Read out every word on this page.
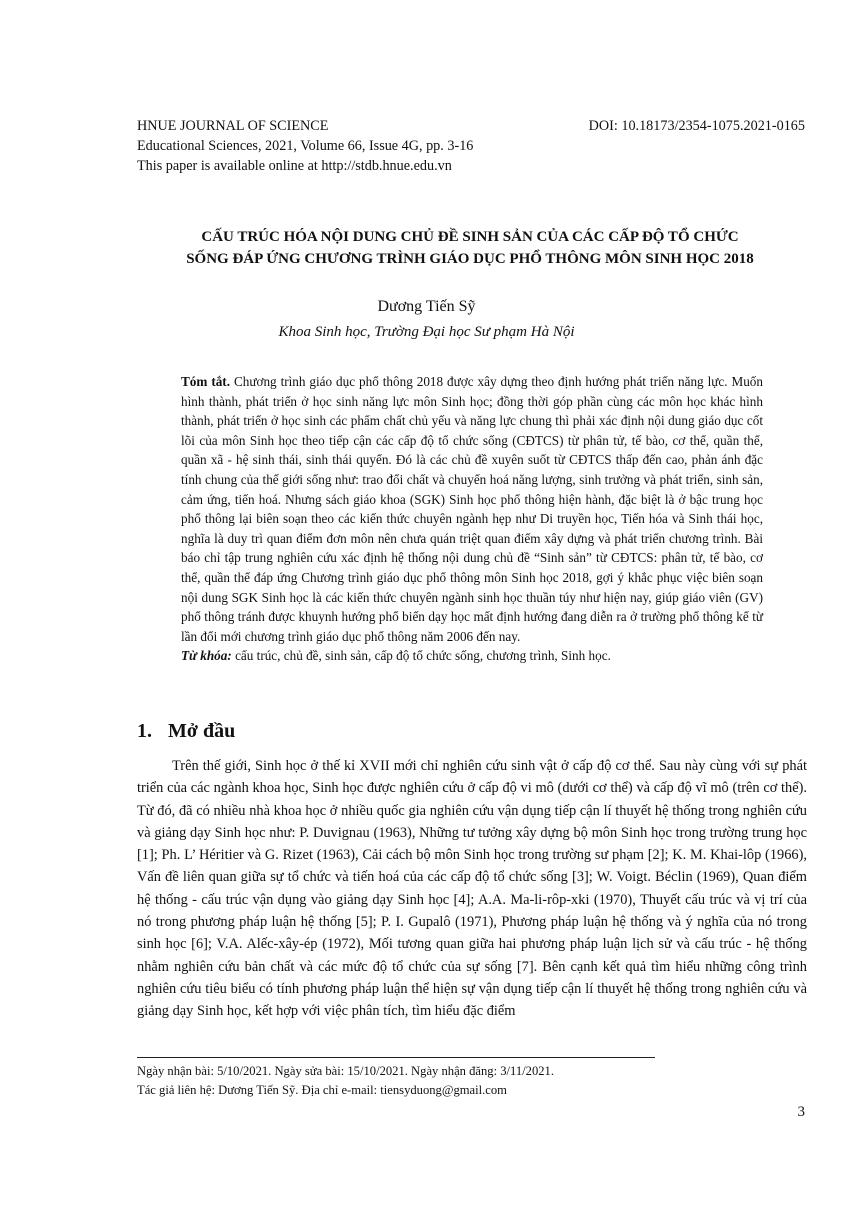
HNUE JOURNAL OF SCIENCE	DOI: 10.18173/2354-1075.2021-0165
Educational Sciences, 2021, Volume 66, Issue 4G, pp. 3-16
This paper is available online at http://stdb.hnue.edu.vn
CẤU TRÚC HÓA NỘI DUNG CHỦ ĐỀ SINH SẢN CỦA CÁC CẤP ĐỘ TỔ CHỨC
SỐNG ĐÁP ỨNG CHƯƠNG TRÌNH GIÁO DỤC PHỔ THÔNG MÔN SINH HỌC 2018
Dương Tiến Sỹ
Khoa Sinh học, Trường Đại học Sư phạm Hà Nội

Tóm tắt. Chương trình giáo dục phổ thông 2018 được xây dựng theo định hướng phát triển năng lực. Muốn hình thành, phát triển ở học sinh năng lực môn Sinh học; đồng thời góp phần cùng các môn học khác hình thành, phát triển ở học sinh các phẩm chất chủ yếu và năng lực chung thì phải xác định nội dung giáo dục cốt lõi của môn Sinh học theo tiếp cận các cấp độ tổ chức sống (CĐTCS) từ phân tử, tế bào, cơ thể, quần thể, quần xã - hệ sinh thái, sinh thái quyển. Đó là các chủ đề xuyên suốt từ CĐTCS thấp đến cao, phản ánh đặc tính chung của thế giới sống như: trao đổi chất và chuyển hoá năng lượng, sinh trưởng và phát triển, sinh sản, cảm ứng, tiến hoá. Nhưng sách giáo khoa (SGK) Sinh học phổ thông hiện hành, đặc biệt là ở bậc trung học phổ thông lại biên soạn theo các kiến thức chuyên ngành hẹp như Di truyền học, Tiến hóa và Sinh thái học, nghĩa là duy trì quan điểm đơn môn nên chưa quán triệt quan điểm xây dựng và phát triển chương trình. Bài báo chỉ tập trung nghiên cứu xác định hệ thống nội dung chủ đề “Sinh sản” từ CĐTCS: phân tử, tế bào, cơ thể, quần thể đáp ứng Chương trình giáo dục phổ thông môn Sinh học 2018, gợi ý khắc phục việc biên soạn nội dung SGK Sinh học là các kiến thức chuyên ngành sinh học thuần túy như hiện nay, giúp giáo viên (GV) phổ thông tránh được khuynh hướng phổ biến dạy học mất định hướng đang diễn ra ở trường phổ thông kể từ lần đổi mới chương trình giáo dục phổ thông năm 2006 đến nay.

Từ khóa: cấu trúc, chủ đề, sinh sản, cấp độ tổ chức sống, chương trình, Sinh học.

1. Mở đầu

Trên thế giới, Sinh học ở thế kỉ XVII mới chỉ nghiên cứu sinh vật ở cấp độ cơ thể. Sau này cùng với sự phát triển của các ngành khoa học, Sinh học được nghiên cứu ở cấp độ vi mô (dưới cơ thể) và cấp độ vĩ mô (trên cơ thể). Từ đó, đã có nhiều nhà khoa học ở nhiều quốc gia nghiên cứu vận dụng tiếp cận lí thuyết hệ thống trong nghiên cứu và giảng dạy Sinh học như: P. Duvignau (1963), Những tư tưởng xây dựng bộ môn Sinh học trong trường trung học [1]; Ph. L’ Héritier và G. Rizet (1963), Cải cách bộ môn Sinh học trong trường sư phạm [2]; K. M. Khai-lôp (1966), Vấn đề liên quan giữa sự tổ chức và tiến hoá của các cấp độ tổ chức sống [3]; W. Voigt. Béclin (1969), Quan điểm hệ thống - cấu trúc vận dụng vào giảng dạy Sinh học [4]; A.A. Ma-li-rôp-xki (1970), Thuyết cấu trúc và vị trí của nó trong phương pháp luận hệ thống [5]; P. I. Gupalô (1971), Phương pháp luận hệ thống và ý nghĩa của nó trong sinh học [6]; V.A. Alếc-xây-ép (1972), Mối tương quan giữa hai phương pháp luận lịch sử và cấu trúc - hệ thống nhằm nghiên cứu bản chất và các mức độ tổ chức của sự sống [7]. Bên cạnh kết quả tìm hiểu những công trình nghiên cứu tiêu biểu có tính phương pháp luận thể hiện sự vận dụng tiếp cận lí thuyết hệ thống trong nghiên cứu và giảng dạy Sinh học, kết hợp với việc phân tích, tìm hiểu đặc điểm

Ngày nhận bài: 5/10/2021. Ngày sửa bài: 15/10/2021. Ngày nhận đăng: 3/11/2021.
Tác giả liên hệ: Dương Tiến Sỹ. Địa chỉ e-mail: tiensyduong@gmail.com
3
